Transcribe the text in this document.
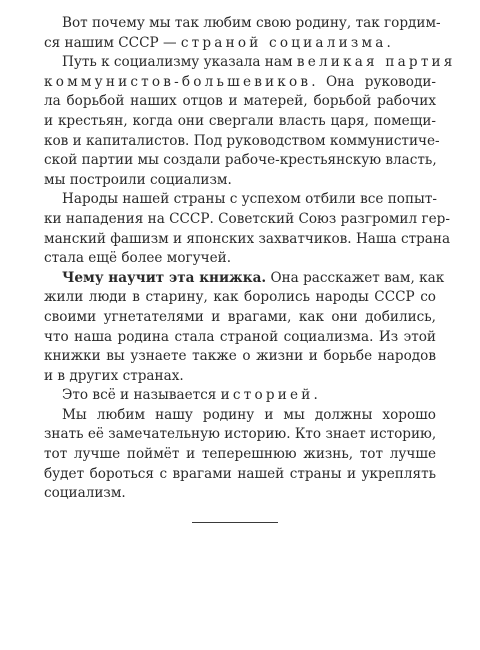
Вот почему мы так любим свою родину, так гордим-
ся нашим СССР — страной социализма.
Путь к социализму указала нам великая партия
коммунистов-большевиков. Она руководи-
ла борьбой наших отцов и матерей, борьбой рабочих
и крестьян, когда они свергали власть царя, помещи-
ков и капиталистов. Под руководством коммунистиче-
ской партии мы создали рабоче-крестьянскую власть,
мы построили социализм.
Народы нашей страны с успехом отбили все попыт-
ки нападения на СССР. Советский Союз разгромил гер-
манский фашизм и японских захватчиков. Наша страна
стала ещё более могучей.
Чему научит эта книжка. Она расскажет вам, как
жили люди в старину, как боролись народы СССР со
своими угнетателями и врагами, как они добились,
что наша родина стала страной социализма. Из этой
книжки вы узнаете также о жизни и борьбе народов
и в других странах.
Это всё и называется историей.
Мы любим нашу родину и мы должны хорошо
знать её замечательную историю. Кто знает историю,
тот лучше поймёт и теперешнюю жизнь, тот лучше
будет бороться с врагами нашей страны и укреплять
социализм.
